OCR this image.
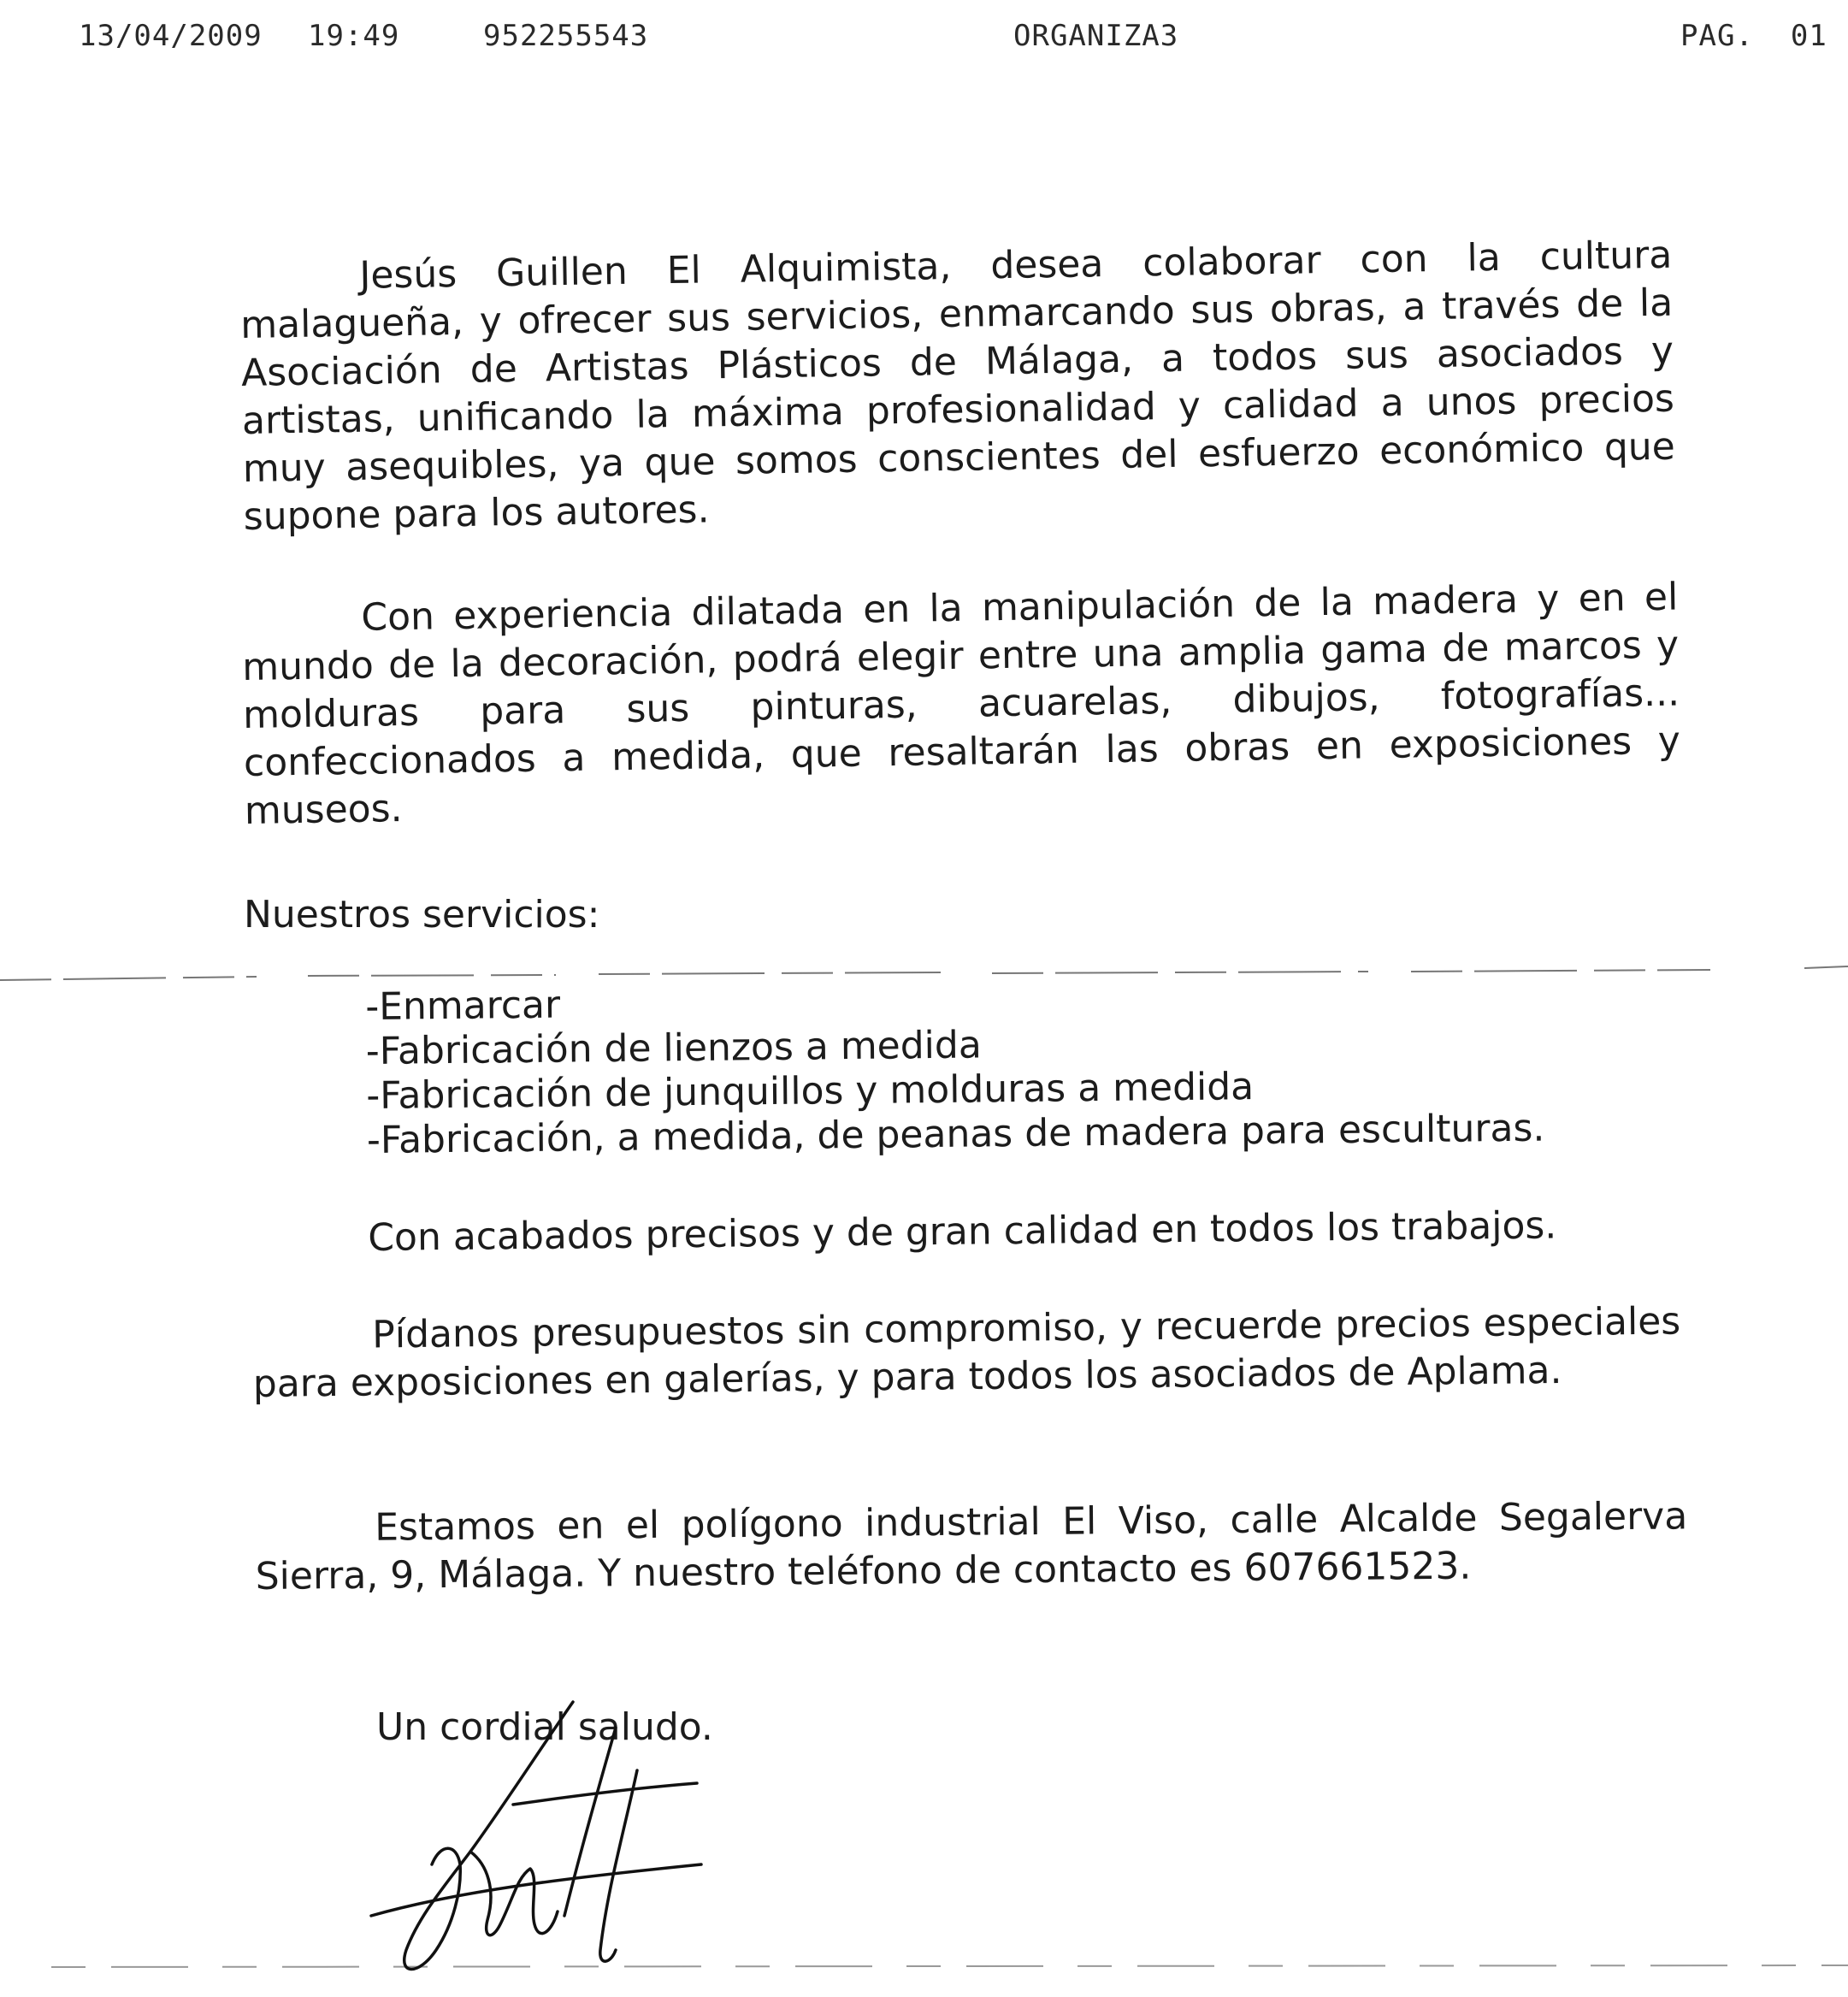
13/04/2009 19:49	952255543	ORGANIZA3	PAG. 01

Jesús Guillen El Alquimista, desea colaborar con la cultura malagueña, y ofrecer sus servicios, enmarcando sus obras, a través de la Asociación de Artistas Plásticos de Málaga, a todos sus asociados y artistas, unificando la máxima profesionalidad y calidad a unos precios muy asequibles, ya que somos conscientes del esfuerzo económico que supone para los autores.

Con experiencia dilatada en la manipulación de la madera y en el mundo de la decoración, podrá elegir entre una amplia gama de marcos y molduras para sus pinturas, acuarelas, dibujos, fotografías... confeccionados a medida, que resaltarán las obras en exposiciones y museos.

Nuestros servicios:

-Enmarcar
-Fabricación de lienzos a medida
-Fabricación de junquillos y molduras a medida
-Fabricación, a medida, de peanas de madera para esculturas.

Con acabados precisos y de gran calidad en todos los trabajos.

Pídanos presupuestos sin compromiso, y recuerde precios especiales para exposiciones en galerías, y para todos los asociados de Aplama.

Estamos en el polígono industrial El Viso, calle Alcalde Segalerva Sierra, 9, Málaga. Y nuestro teléfono de contacto es 607661523.

Un cordial saludo.
